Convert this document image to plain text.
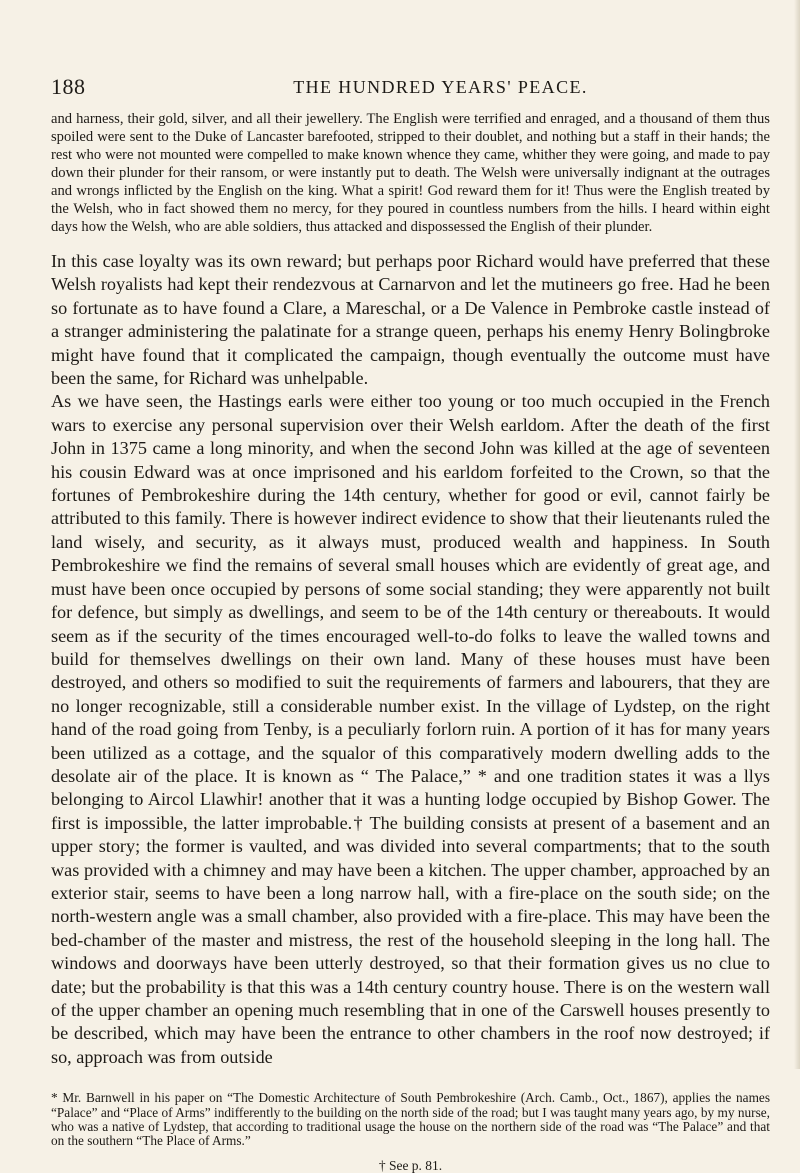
188	THE HUNDRED YEARS' PEACE.
and harness, their gold, silver, and all their jewellery. The English were terrified and enraged, and a thousand of them thus spoiled were sent to the Duke of Lancaster barefooted, stripped to their doublet, and nothing but a staff in their hands; the rest who were not mounted were compelled to make known whence they came, whither they were going, and made to pay down their plunder for their ransom, or were instantly put to death. The Welsh were universally indignant at the outrages and wrongs inflicted by the English on the king. What a spirit! God reward them for it! Thus were the English treated by the Welsh, who in fact showed them no mercy, for they poured in countless numbers from the hills. I heard within eight days how the Welsh, who are able soldiers, thus attacked and dispossessed the English of their plunder.

In this case loyalty was its own reward; but perhaps poor Richard would have preferred that these Welsh royalists had kept their rendezvous at Carnarvon and let the mutineers go free. Had he been so fortunate as to have found a Clare, a Mareschal, or a De Valence in Pembroke castle instead of a stranger administering the palatinate for a strange queen, perhaps his enemy Henry Bolingbroke might have found that it complicated the campaign, though eventually the outcome must have been the same, for Richard was unhelpable.

As we have seen, the Hastings earls were either too young or too much occupied in the French wars to exercise any personal supervision over their Welsh earldom. After the death of the first John in 1375 came a long minority, and when the second John was killed at the age of seventeen his cousin Edward was at once imprisoned and his earldom forfeited to the Crown, so that the fortunes of Pembrokeshire during the 14th century, whether for good or evil, cannot fairly be attributed to this family. There is however indirect evidence to show that their lieutenants ruled the land wisely, and security, as it always must, produced wealth and happiness. In South Pembrokeshire we find the remains of several small houses which are evidently of great age, and must have been once occupied by persons of some social standing; they were apparently not built for defence, but simply as dwellings, and seem to be of the 14th century or thereabouts. It would seem as if the security of the times encouraged well-to-do folks to leave the walled towns and build for themselves dwellings on their own land. Many of these houses must have been destroyed, and others so modified to suit the requirements of farmers and labourers, that they are no longer recognizable, still a considerable number exist. In the village of Lydstep, on the right hand of the road going from Tenby, is a peculiarly forlorn ruin. A portion of it has for many years been utilized as a cottage, and the squalor of this comparatively modern dwelling adds to the desolate air of the place. It is known as “ The Palace,” * and one tradition states it was a llys belonging to Aircol Llawhir! another that it was a hunting lodge occupied by Bishop Gower. The first is impossible, the latter improbable.† The building consists at present of a basement and an upper story; the former is vaulted, and was divided into several compartments; that to the south was provided with a chimney and may have been a kitchen. The upper chamber, approached by an exterior stair, seems to have been a long narrow hall, with a fire-place on the south side; on the north-western angle was a small chamber, also provided with a fire-place. This may have been the bed-chamber of the master and mistress, the rest of the household sleeping in the long hall. The windows and doorways have been utterly destroyed, so that their formation gives us no clue to date; but the probability is that this was a 14th century country house. There is on the western wall of the upper chamber an opening much resembling that in one of the Carswell houses presently to be described, which may have been the entrance to other chambers in the roof now destroyed; if so, approach was from outside

* Mr. Barnwell in his paper on “The Domestic Architecture of South Pembrokeshire (Arch. Camb., Oct., 1867), applies the names “Palace” and “Place of Arms” indifferently to the building on the north side of the road; but I was taught many years ago, by my nurse, who was a native of Lydstep, that according to traditional usage the house on the northern side of the road was “The Palace” and that on the southern “The Place of Arms.”

† See p. 81.
